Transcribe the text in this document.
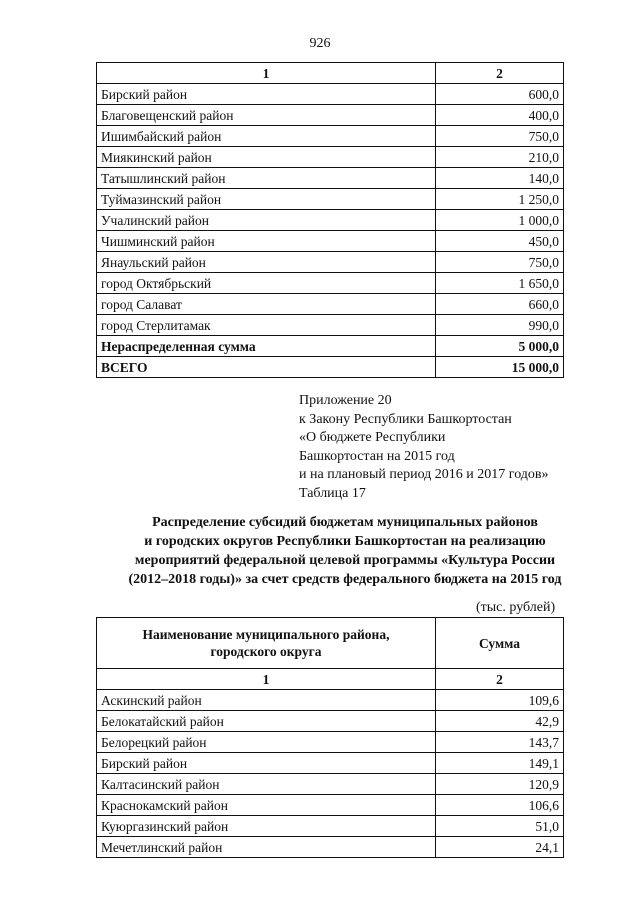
926
1	2
Бирский район	600,0
Благовещенский район	400,0
Ишимбайский район	750,0
Миякинский район	210,0
Татышлинский район	140,0
Туймазинский район	1 250,0
Учалинский район	1 000,0
Чишминский район	450,0
Янаульский район	750,0
город Октябрьский	1 650,0
город Салават	660,0
город Стерлитамак	990,0
Нераспределенная сумма	5 000,0
ВСЕГО	15 000,0
Приложение 20
к Закону Республики Башкортостан
«О бюджете Республики
Башкортостан на 2015 год
и на плановый период 2016 и 2017 годов»
Таблица 17
Распределение субсидий бюджетам муниципальных районов
и городских округов Республики Башкортостан на реализацию
мероприятий федеральной целевой программы «Культура России
(2012–2018 годы)» за счет средств федерального бюджета на 2015 год
(тыс. рублей)
Наименование муниципального района,
городского округа	Сумма
1	2
Аскинский район	109,6
Белокатайский район	42,9
Белорецкий район	143,7
Бирский район	149,1
Калтасинский район	120,9
Краснокамский район	106,6
Куюргазинский район	51,0
Мечетлинский район	24,1
